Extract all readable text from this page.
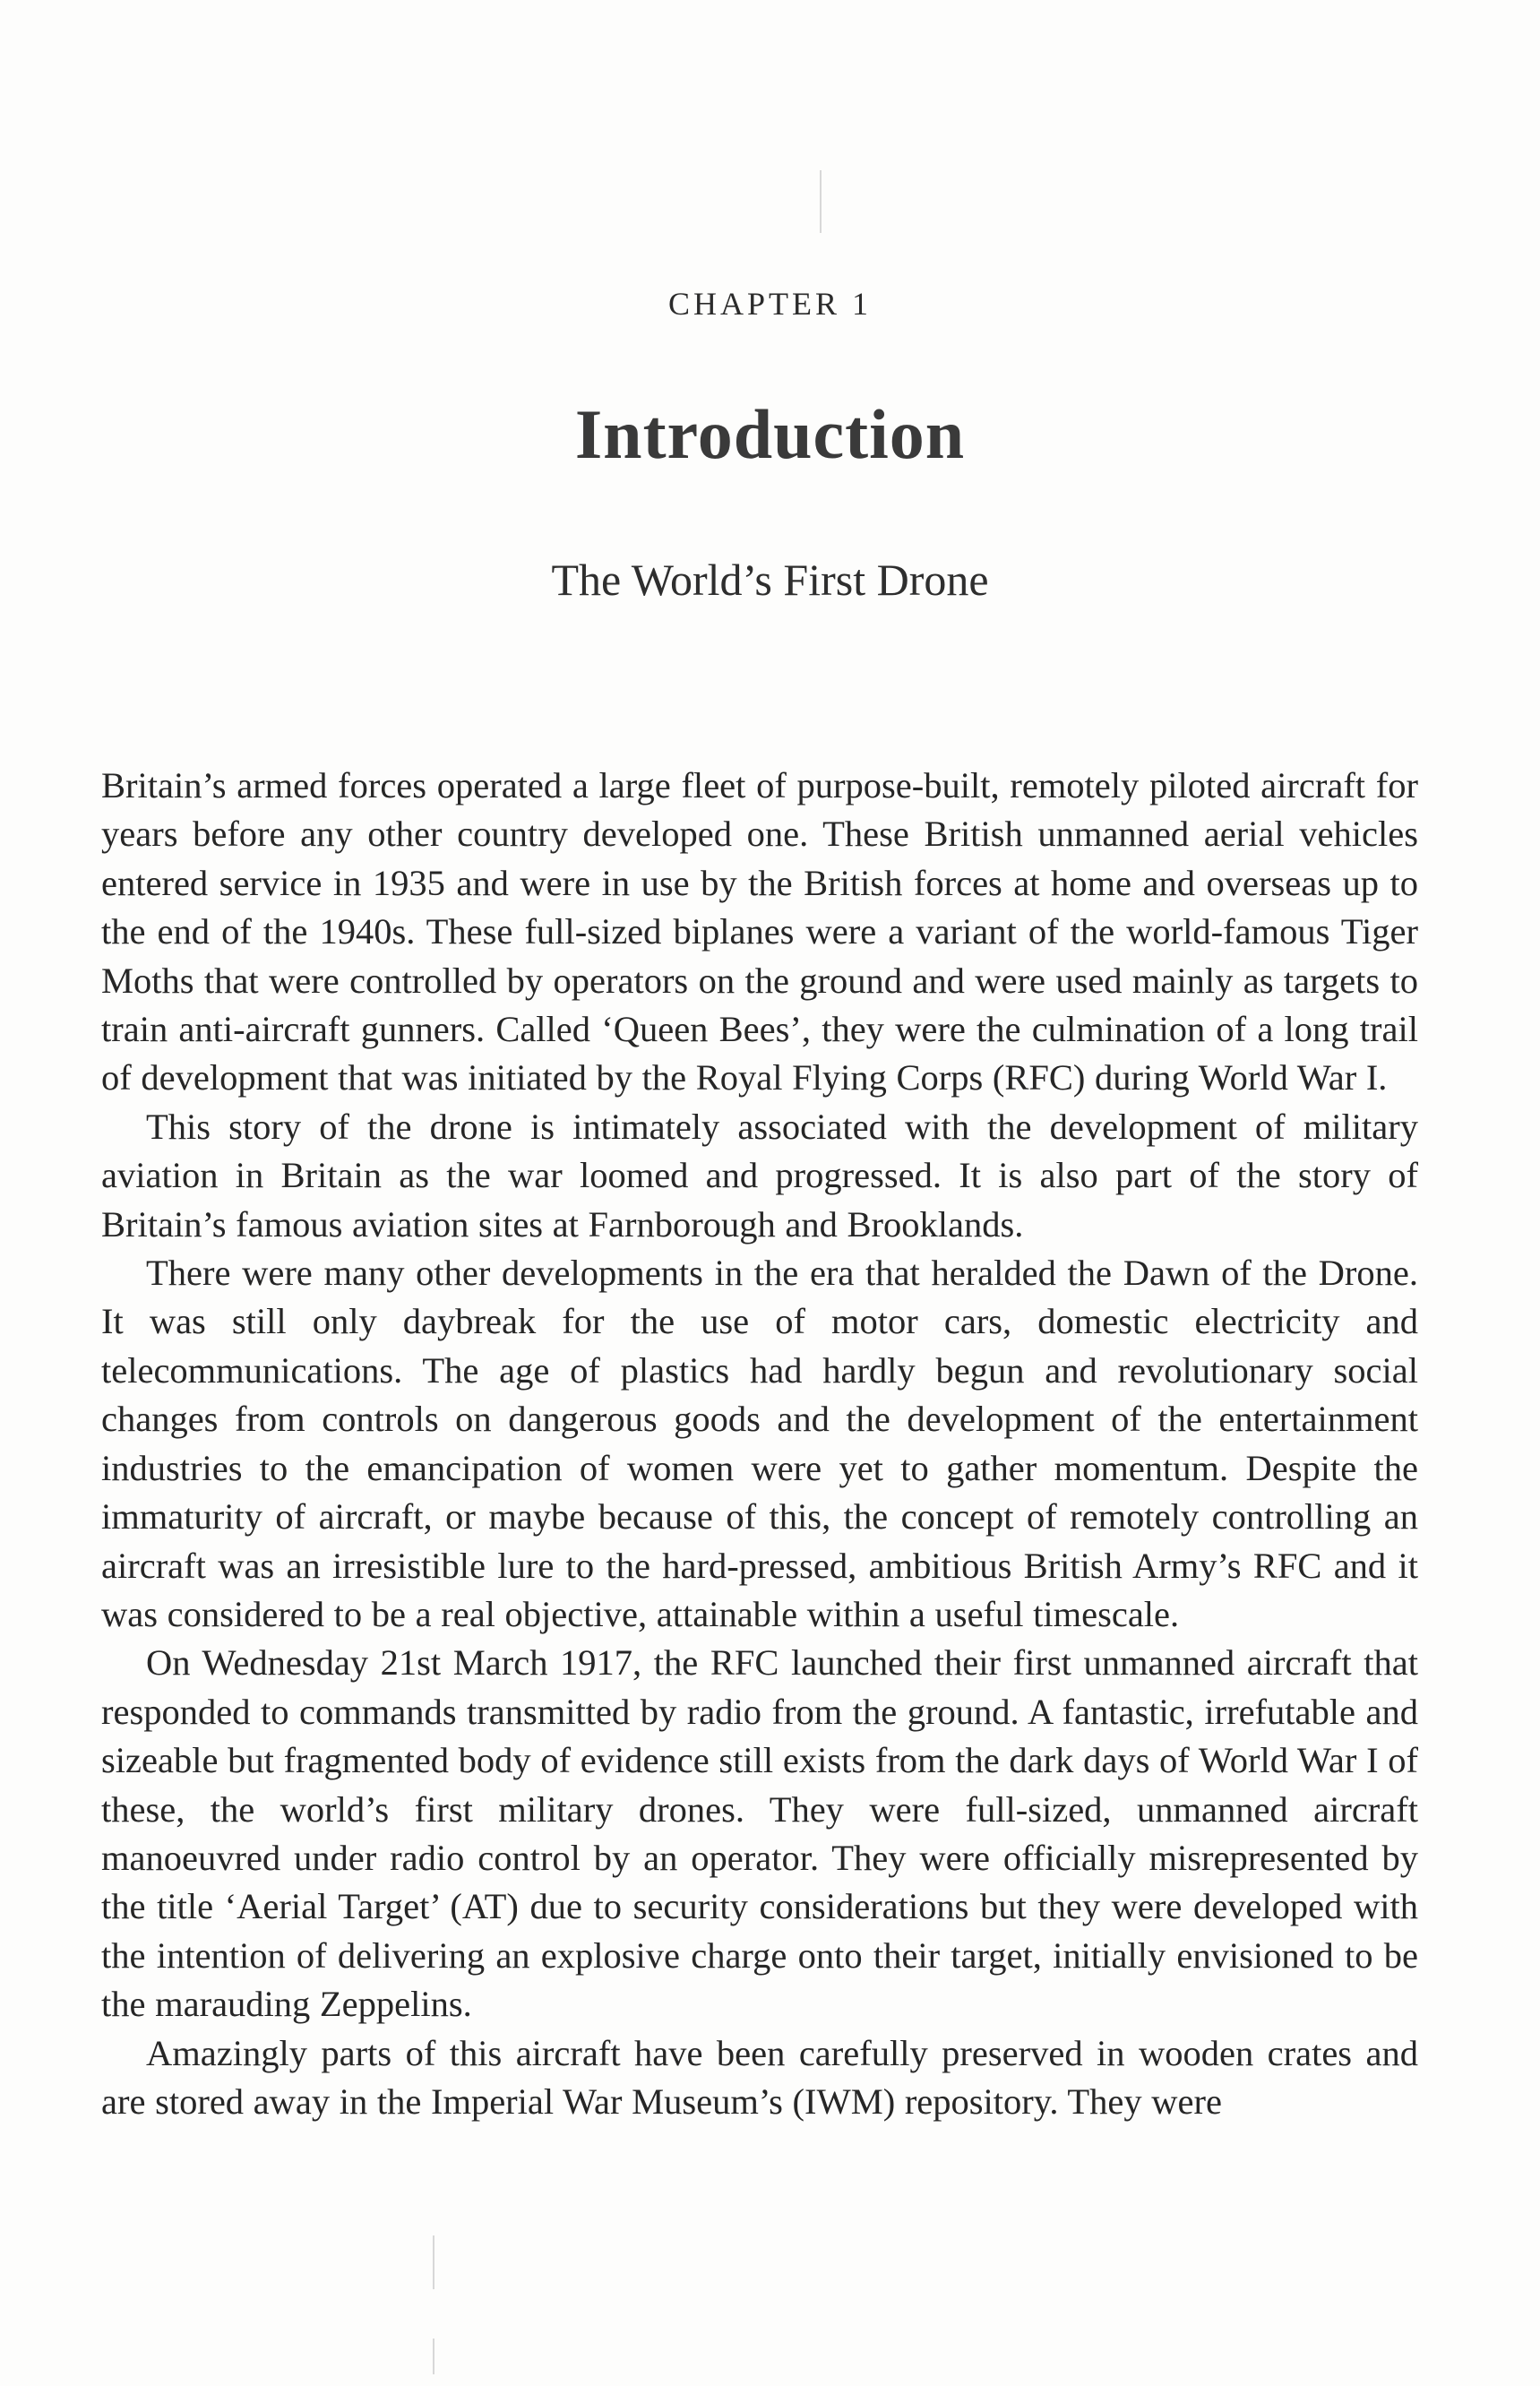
CHAPTER 1
Introduction
The World’s First Drone

Britain’s armed forces operated a large fleet of purpose-built, remotely piloted aircraft for years before any other country developed one. These British unmanned aerial vehicles entered service in 1935 and were in use by the British forces at home and overseas up to the end of the 1940s. These full-sized biplanes were a variant of the world-famous Tiger Moths that were controlled by operators on the ground and were used mainly as targets to train anti-aircraft gunners. Called ‘Queen Bees’, they were the culmination of a long trail of development that was initiated by the Royal Flying Corps (RFC) during World War I.

This story of the drone is intimately associated with the development of military aviation in Britain as the war loomed and progressed. It is also part of the story of Britain’s famous aviation sites at Farnborough and Brooklands.

There were many other developments in the era that heralded the Dawn of the Drone. It was still only daybreak for the use of motor cars, domestic electricity and telecommunications. The age of plastics had hardly begun and revolutionary social changes from controls on dangerous goods and the development of the entertainment industries to the emancipation of women were yet to gather momentum. Despite the immaturity of aircraft, or maybe because of this, the concept of remotely controlling an aircraft was an irresistible lure to the hard-pressed, ambitious British Army’s RFC and it was considered to be a real objective, attainable within a useful timescale.

On Wednesday 21st March 1917, the RFC launched their first unmanned aircraft that responded to commands transmitted by radio from the ground. A fantastic, irrefutable and sizeable but fragmented body of evidence still exists from the dark days of World War I of these, the world’s first military drones. They were full-sized, unmanned aircraft manoeuvred under radio control by an operator. They were officially misrepresented by the title ‘Aerial Target’ (AT) due to security considerations but they were developed with the intention of delivering an explosive charge onto their target, initially envisioned to be the marauding Zeppelins.

Amazingly parts of this aircraft have been carefully preserved in wooden crates and are stored away in the Imperial War Museum’s (IWM) repository. They were
